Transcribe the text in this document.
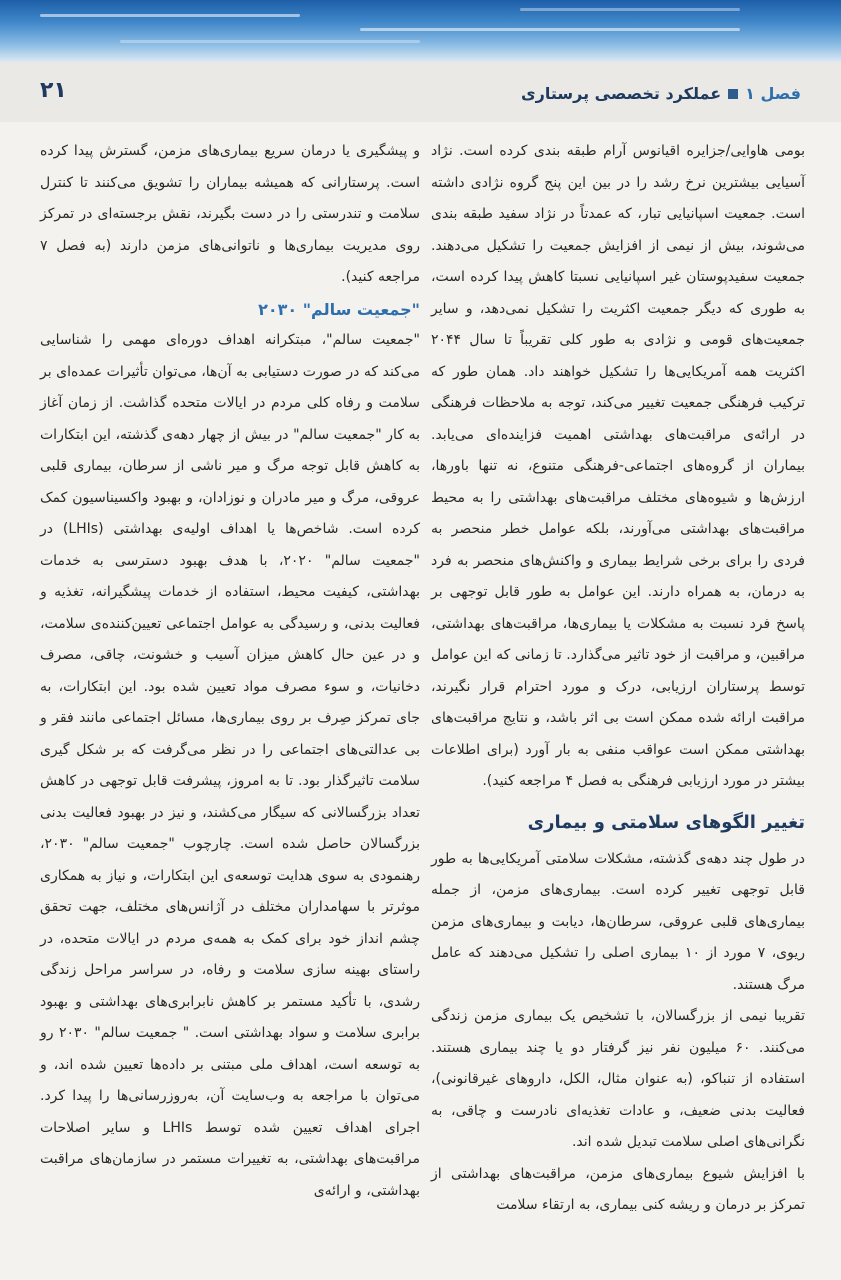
۲۱	فصل ۱
عملکرد تخصصی پرستاری

بومی هاوایی/جزایره اقیانوس آرام طبقه بندی کرده است. نژاد آسیایی بیشترین نرخ رشد را در بین این پنج گروه نژادی داشته است. جمعیت اسپانیایی تبار، که عمدتاً در نژاد سفید طبقه بندی می‌شوند، بیش از نیمی از افزایش جمعیت را تشکیل می‌دهند. جمعیت سفیدپوستان غیر اسپانیایی نسبتا کاهش پیدا کرده است، به طوری که دیگر جمعیت اکثریت را تشکیل نمی‌دهد، و سایر جمعیت‌های قومی و نژادی به طور کلی تقریباً تا سال ۲۰۴۴ اکثریت همه آمریکایی‌ها را تشکیل خواهند داد. همان طور که ترکیب فرهنگی جمعیت تغییر می‌کند، توجه به ملاحظات فرهنگی در ارائه‌ی مراقبت‌های بهداشتی اهمیت فزاینده‌ای می‌یابد. بیماران از گروه‌های اجتماعی-فرهنگی متنوع، نه تنها باورها، ارزش‌ها و شیوه‌های مختلف مراقبت‌های بهداشتی را به محیط مراقبت‌های بهداشتی می‌آورند، بلکه عوامل خطر منحصر به فردی را برای برخی شرایط بیماری و واکنش‌های منحصر به فرد به درمان، به همراه دارند. این عوامل به طور قابل توجهی بر پاسخ فرد نسبت به مشکلات یا بیماری‌ها، مراقبت‌های بهداشتی، مراقبین، و مراقبت از خود تاثیر می‌گذارد. تا زمانی که این عوامل توسط پرستاران ارزیابی، درک و مورد احترام قرار نگیرند، مراقبت ارائه شده ممکن است بی اثر باشد، و نتایج مراقبت‌های بهداشتی ممکن است عواقب منفی به بار آورد (برای اطلاعات بیشتر در مورد ارزیابی فرهنگی به فصل ۴ مراجعه کنید).

تغییر الگوهای سلامتی و بیماری

در طول چند دهه‌ی گذشته، مشکلات سلامتی آمریکایی‌ها به طور قابل توجهی تغییر کرده است. بیماری‌های مزمن، از جمله بیماری‌های قلبی عروقی، سرطان‌ها، دیابت و بیماری‌های مزمن ریوی، ۷ مورد از ۱۰ بیماری اصلی را تشکیل می‌دهند که عامل مرگ هستند.

تقریبا نیمی از بزرگسالان، با تشخیص یک بیماری مزمن زندگی می‌کنند. ۶۰ میلیون نفر نیز گرفتار دو یا چند بیماری هستند. استفاده از تنباکو، (به عنوان مثال، الکل، داروهای غیرقانونی)، فعالیت بدنی ضعیف، و عادات تغذیه‌ای نادرست و چاقی، به نگرانی‌های اصلی سلامت تبدیل شده اند.

با افزایش شیوع بیماری‌های مزمن، مراقبت‌های بهداشتی از تمرکز بر درمان و ریشه کنی بیماری، به ارتقاء سلامت

و پیشگیری یا درمان سریع بیماری‌های مزمن، گسترش پیدا کرده است. پرستارانی که همیشه بیماران را تشویق می‌کنند تا کنترل سلامت و تندرستی را در دست بگیرند، نقش برجسته‌ای در تمرکز روی مدیریت بیماری‌ها و ناتوانی‌های مزمن دارند (به فصل ۷ مراجعه کنید).

"جمعیت سالم" ۲۰۳۰

"جمعیت سالم"، مبتکرانه اهداف دوره‌ای مهمی را شناسایی می‌کند که در صورت دستیابی به آن‌ها، می‌توان تأثیرات عمده‌ای بر سلامت و رفاه کلی مردم در ایالات متحده گذاشت. از زمان آغاز به کار "جمعیت سالم" در بیش از چهار دهه‌ی گذشته، این ابتکارات به کاهش قابل توجه مرگ و میر ناشی از سرطان، بیماری قلبی عروقی، مرگ و میر مادران و نوزادان، و بهبود واکسیناسیون کمک کرده است. شاخص‌ها یا اهداف اولیه‌ی بهداشتی (LHIs) در "جمعیت سالم" ۲۰۲۰، با هدف بهبود دسترسی به خدمات بهداشتی، کیفیت محیط، استفاده از خدمات پیشگیرانه، تغذیه و فعالیت بدنی، و رسیدگی به عوامل اجتماعی تعیین‌کننده‌ی سلامت، و در عین حال کاهش میزان آسیب و خشونت، چاقی، مصرف دخانیات، و سوء مصرف مواد تعیین شده بود. این ابتکارات، به جای تمرکز صِرف بر روی بیماری‌ها، مسائل اجتماعی مانند فقر و بی عدالتی‌های اجتماعی را در نظر می‌گرفت که بر شکل گیری سلامت تاثیرگذار بود. تا به امروز، پیشرفت قابل توجهی در کاهش تعداد بزرگسالانی که سیگار می‌کشند، و نیز در بهبود فعالیت بدنی بزرگسالان حاصل شده است. چارچوب "جمعیت سالم" ۲۰۳۰، رهنمودی به سوی هدایت توسعه‌ی این ابتکارات، و نیاز به همکاری موثرتر با سهامداران مختلف در آژانس‌های مختلف، جهت تحقق چشم انداز خود برای کمک به همه‌ی مردم در ایالات متحده، در راستای بهینه سازی سلامت و رفاه، در سراسر مراحل زندگی رشدی، با تأکید مستمر بر کاهش نابرابری‌های بهداشتی و بهبود برابری سلامت و سواد بهداشتی است. " جمعیت سالم" ۲۰۳۰ رو به توسعه است، اهداف ملی مبتنی بر داده‌ها تعیین شده اند، و می‌توان با مراجعه به وب‌سایت آن، به‌روزرسانی‌ها را پیدا کرد. اجرای اهداف تعیین شده توسط LHIs و سایر اصلاحات مراقبت‌های بهداشتی، به تغییرات مستمر در سازمان‌های مراقبت بهداشتی، و ارائه‌ی
